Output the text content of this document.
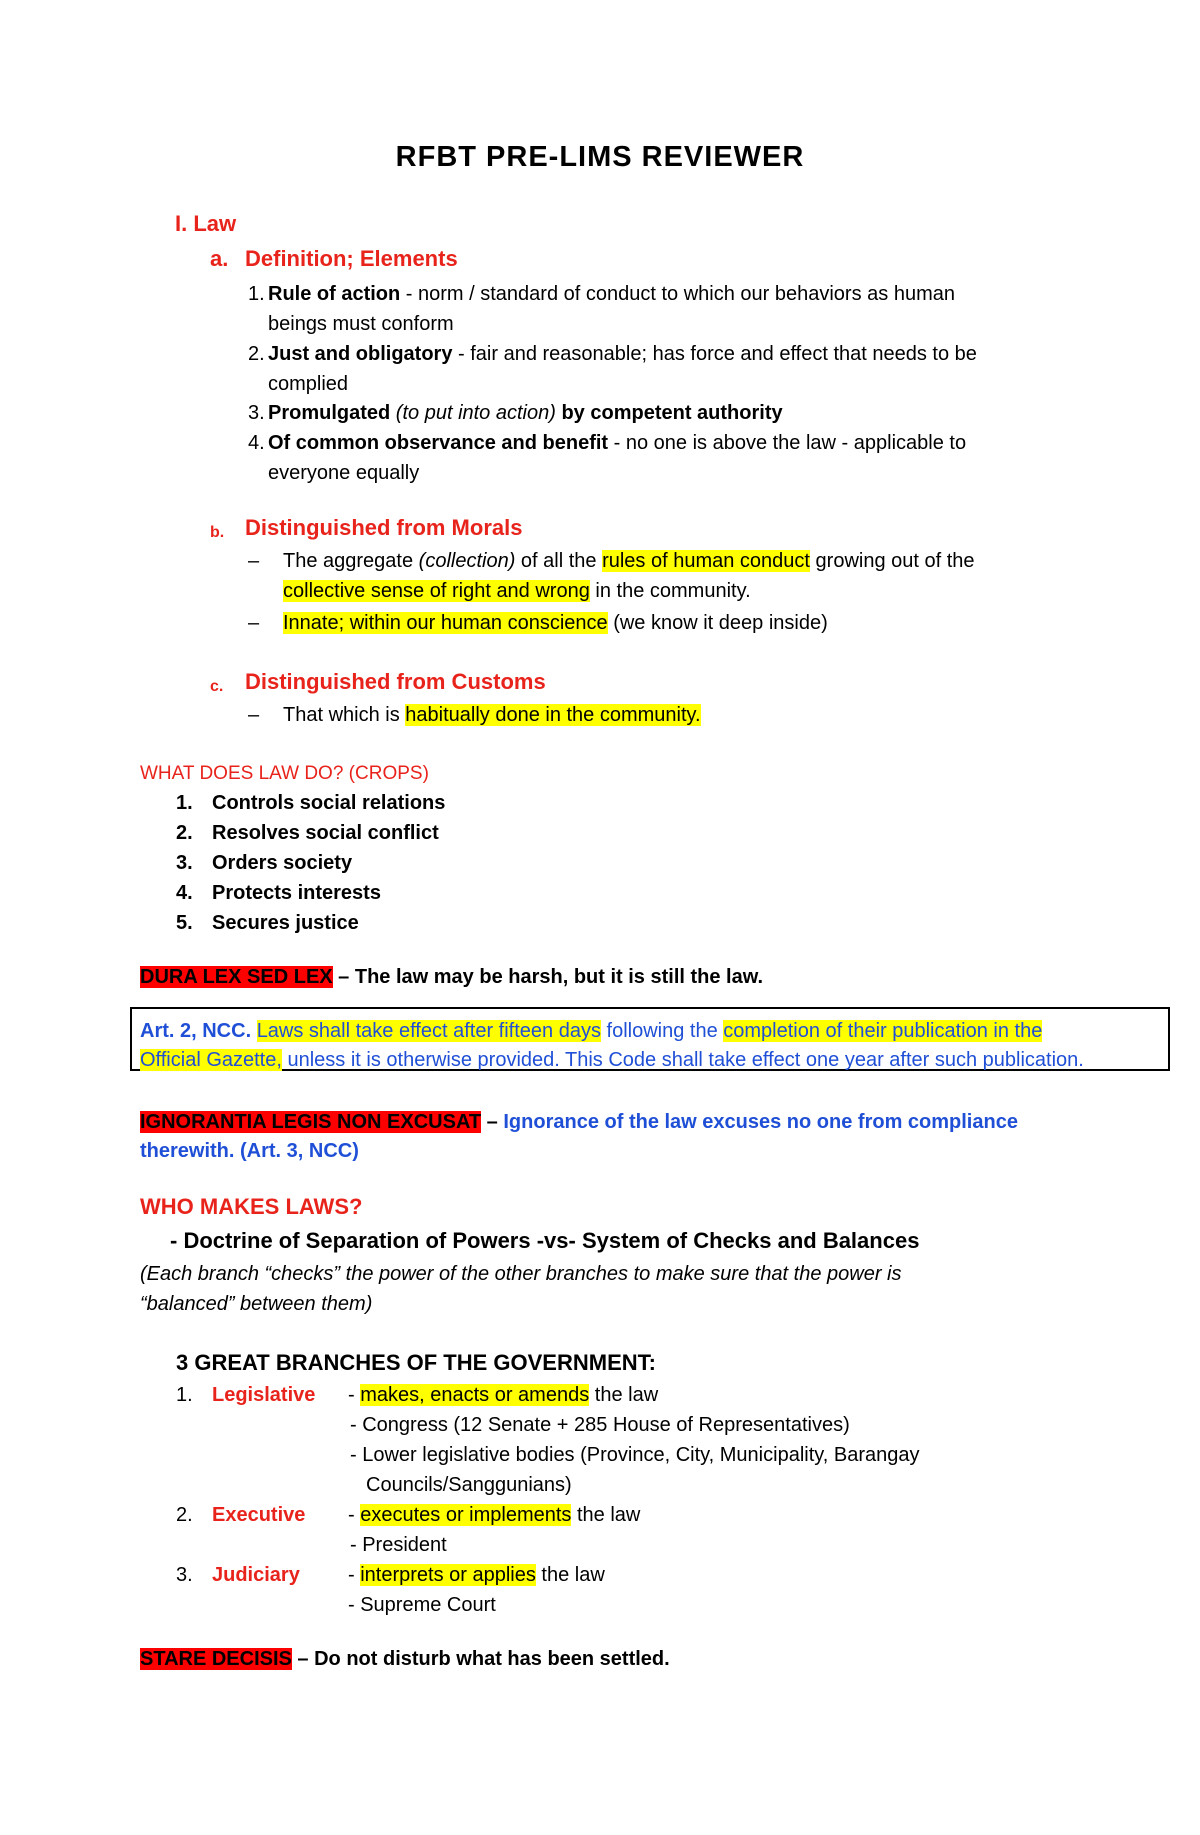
RFBT PRE-LIMS REVIEWER
I. Law
a. Definition; Elements
1. Rule of action - norm / standard of conduct to which our behaviors as human
beings must conform
2. Just and obligatory - fair and reasonable; has force and effect that needs to be
complied
3. Promulgated (to put into action) by competent authority
4. Of common observance and benefit - no one is above the law - applicable to
everyone equally
b. Distinguished from Morals
– The aggregate (collection) of all the rules of human conduct growing out of the
collective sense of right and wrong in the community.
– Innate; within our human conscience (we know it deep inside)
c. Distinguished from Customs
– That which is habitually done in the community.
WHAT DOES LAW DO? (CROPS)
1. Controls social relations
2. Resolves social conflict
3. Orders society
4. Protects interests
5. Secures justice
DURA LEX SED LEX – The law may be harsh, but it is still the law.
Art. 2, NCC. Laws shall take effect after fifteen days following the completion of their publication in the
Official Gazette, unless it is otherwise provided. This Code shall take effect one year after such publication.
IGNORANTIA LEGIS NON EXCUSAT – Ignorance of the law excuses no one from compliance
therewith. (Art. 3, NCC)
WHO MAKES LAWS?
- Doctrine of Separation of Powers -vs- System of Checks and Balances
(Each branch “checks” the power of the other branches to make sure that the power is
“balanced” between them)
3 GREAT BRANCHES OF THE GOVERNMENT:
1. Legislative - makes, enacts or amends the law
- Congress (12 Senate + 285 House of Representatives)
- Lower legislative bodies (Province, City, Municipality, Barangay
Councils/Sanggunians)
2. Executive - executes or implements the law
- President
3. Judiciary - interprets or applies the law
- Supreme Court
STARE DECISIS – Do not disturb what has been settled.
